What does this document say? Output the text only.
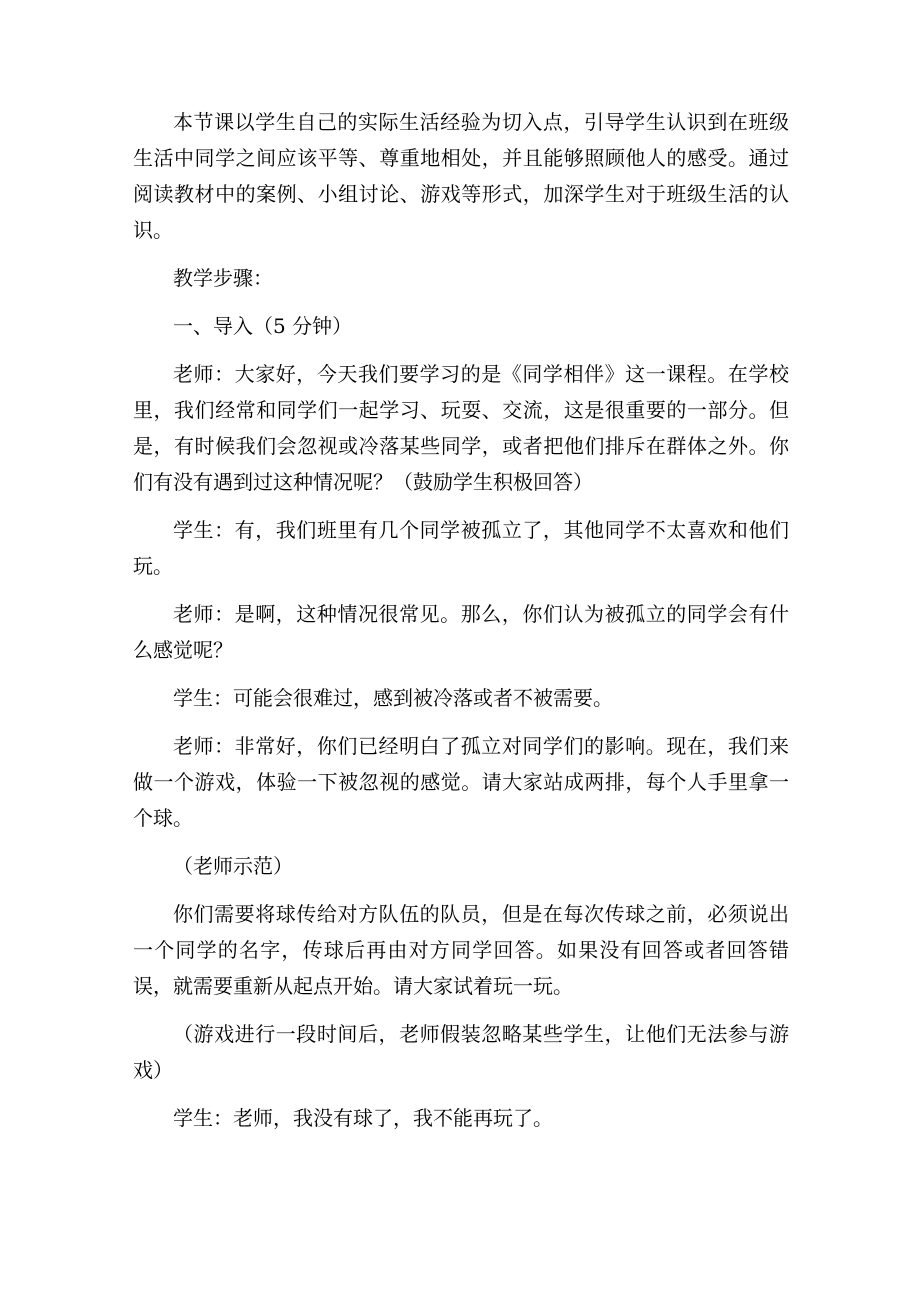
本节课以学生自己的实际生活经验为切入点，引导学生认识到在班级生活中同学之间应该平等、尊重地相处，并且能够照顾他人的感受。通过阅读教材中的案例、小组讨论、游戏等形式，加深学生对于班级生活的认识。

教学步骤：

一、导入（5 分钟）

老师：大家好，今天我们要学习的是《同学相伴》这一课程。在学校里，我们经常和同学们一起学习、玩耍、交流，这是很重要的一部分。但是，有时候我们会忽视或冷落某些同学，或者把他们排斥在群体之外。你们有没有遇到过这种情况呢？（鼓励学生积极回答）

学生：有，我们班里有几个同学被孤立了，其他同学不太喜欢和他们玩。

老师：是啊，这种情况很常见。那么，你们认为被孤立的同学会有什么感觉呢？

学生：可能会很难过，感到被冷落或者不被需要。

老师：非常好，你们已经明白了孤立对同学们的影响。现在，我们来做一个游戏，体验一下被忽视的感觉。请大家站成两排，每个人手里拿一个球。

（老师示范）

你们需要将球传给对方队伍的队员，但是在每次传球之前，必须说出一个同学的名字，传球后再由对方同学回答。如果没有回答或者回答错误，就需要重新从起点开始。请大家试着玩一玩。

（游戏进行一段时间后，老师假装忽略某些学生，让他们无法参与游戏）

学生：老师，我没有球了，我不能再玩了。
